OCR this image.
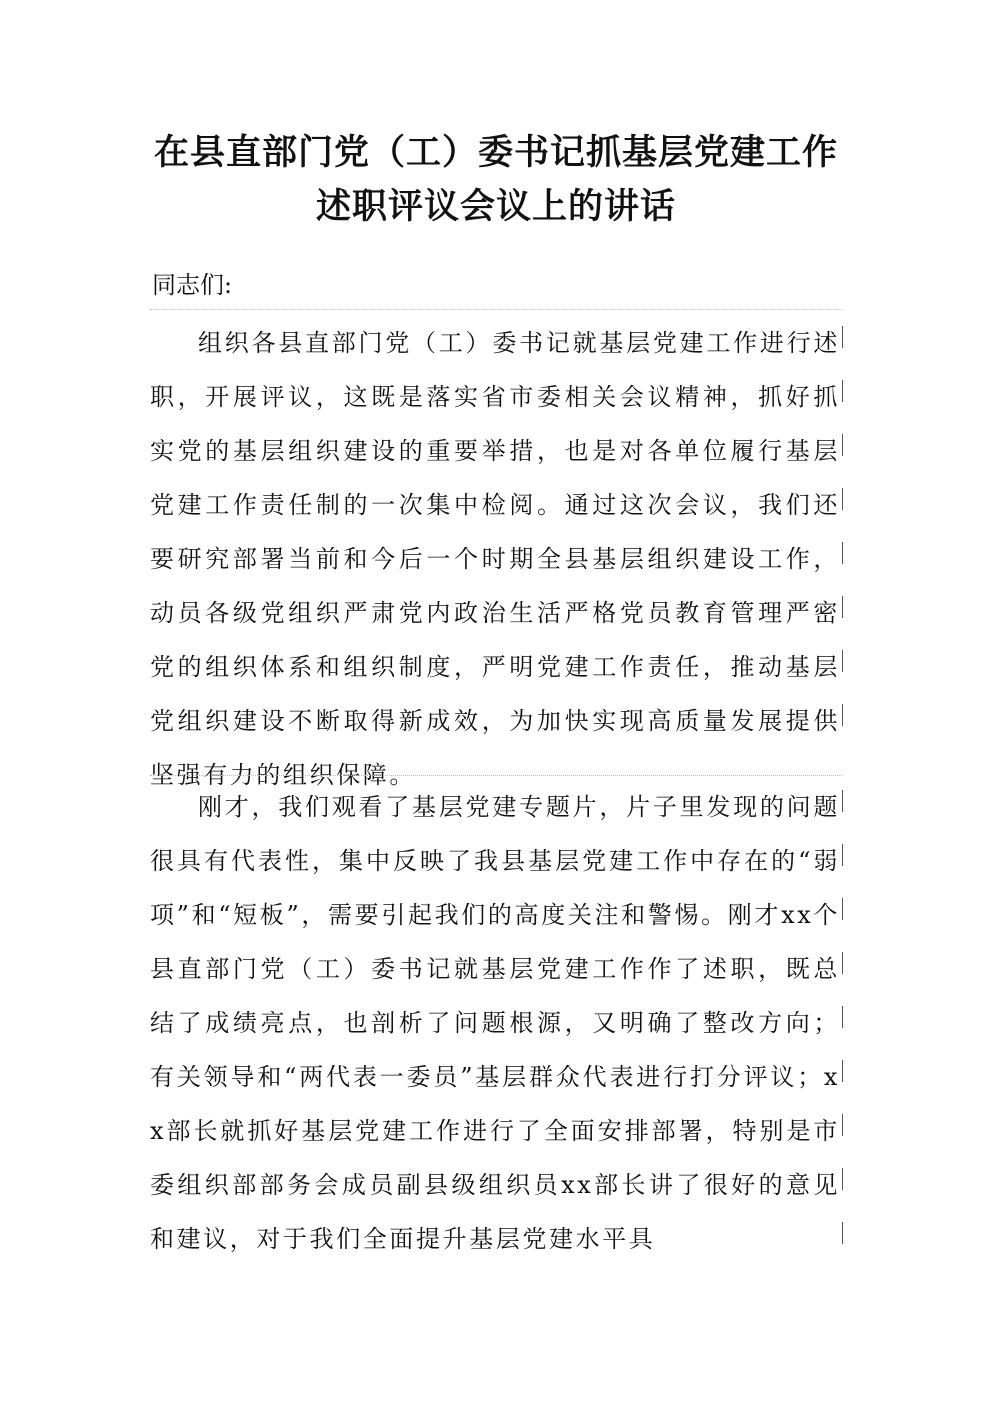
在县直部门党（工）委书记抓基层党建工作述职评议会议上的讲话

同志们:

组织各县直部门党（工）委书记就基层党建工作进行述职，开展评议，这既是落实省市委相关会议精神，抓好抓实党的基层组织建设的重要举措，也是对各单位履行基层党建工作责任制的一次集中检阅。通过这次会议，我们还要研究部署当前和今后一个时期全县基层组织建设工作，动员各级党组织严肃党内政治生活严格党员教育管理严密党的组织体系和组织制度，严明党建工作责任，推动基层党组织建设不断取得新成效，为加快实现高质量发展提供坚强有力的组织保障。

刚才，我们观看了基层党建专题片，片子里发现的问题很具有代表性，集中反映了我县基层党建工作中存在的“弱项”和“短板”，需要引起我们的高度关注和警惕。刚才xx个县直部门党（工）委书记就基层党建工作作了述职，既总结了成绩亮点，也剖析了问题根源，又明确了整改方向；有关领导和“两代表一委员”基层群众代表进行打分评议；xx部长就抓好基层党建工作进行了全面安排部署，特别是市委组织部部务会成员副县级组织员xx部长讲了很好的意见和建议，对于我们全面提升基层党建水平具
